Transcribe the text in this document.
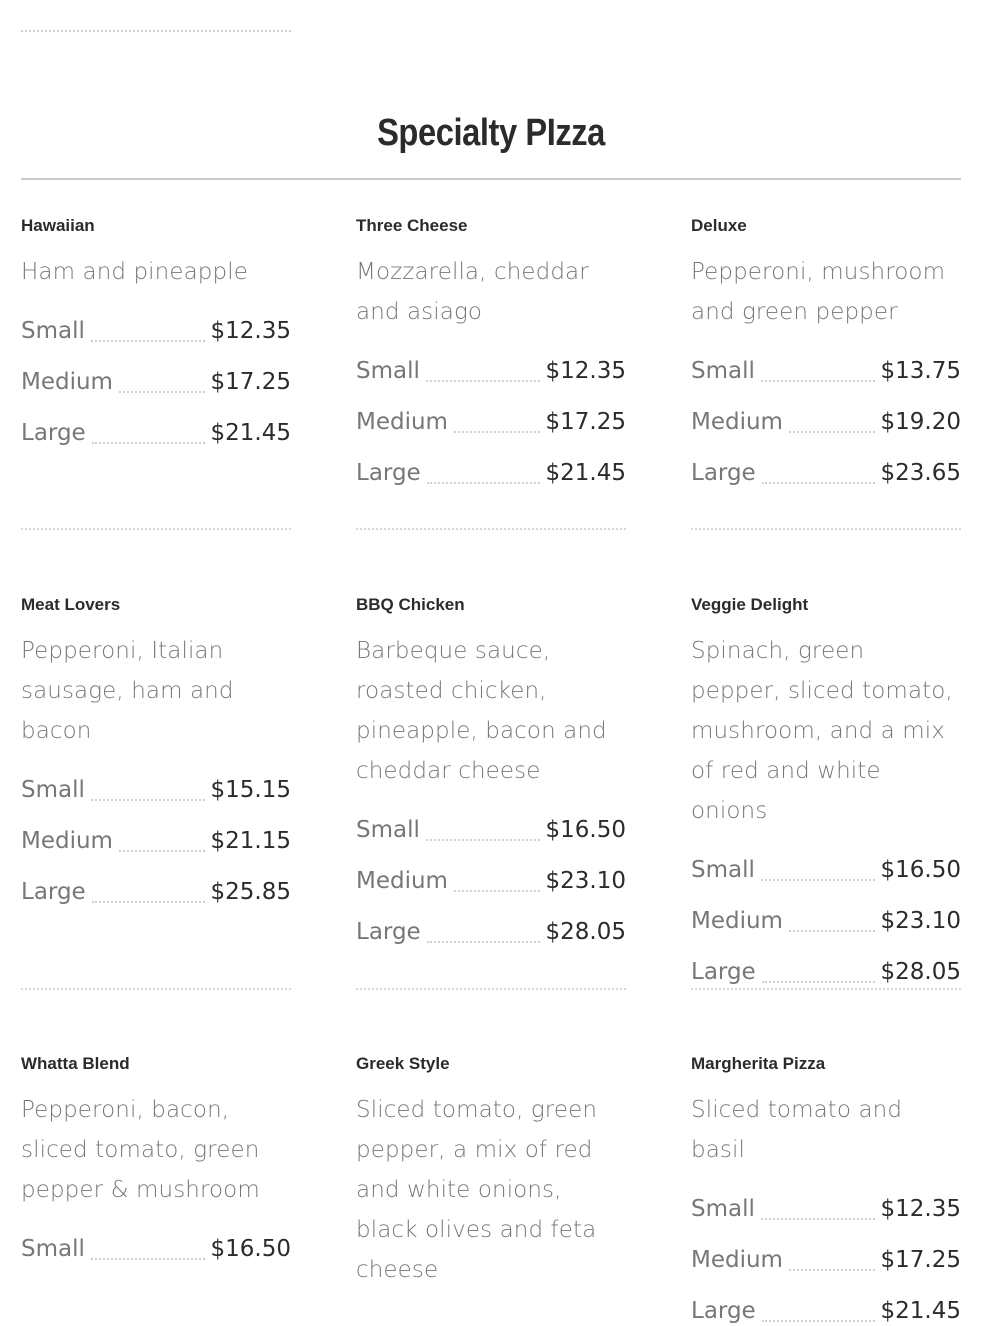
Specialty PIzza
Hawaiian
Ham and pineapple
Small	$12.35
Medium	$17.25
Large	$21.45
Three Cheese
Mozzarella, cheddar and asiago
Small	$12.35
Medium	$17.25
Large	$21.45
Deluxe
Pepperoni, mushroom and green pepper
Small	$13.75
Medium	$19.20
Large	$23.65
Meat Lovers
Pepperoni, Italian sausage, ham and bacon
Small	$15.15
Medium	$21.15
Large	$25.85
BBQ Chicken
Barbeque sauce, roasted chicken, pineapple, bacon and cheddar cheese
Small	$16.50
Medium	$23.10
Large	$28.05
Veggie Delight
Spinach, green pepper, sliced tomato, mushroom, and a mix of red and white onions
Small	$16.50
Medium	$23.10
Large	$28.05
Whatta Blend
Pepperoni, bacon, sliced tomato, green pepper & mushroom
Small	$16.50
Greek Style
Sliced tomato, green pepper, a mix of red and white onions, black olives and feta cheese
Margherita Pizza
Sliced tomato and basil
Small	$12.35
Medium	$17.25
Large	$21.45
